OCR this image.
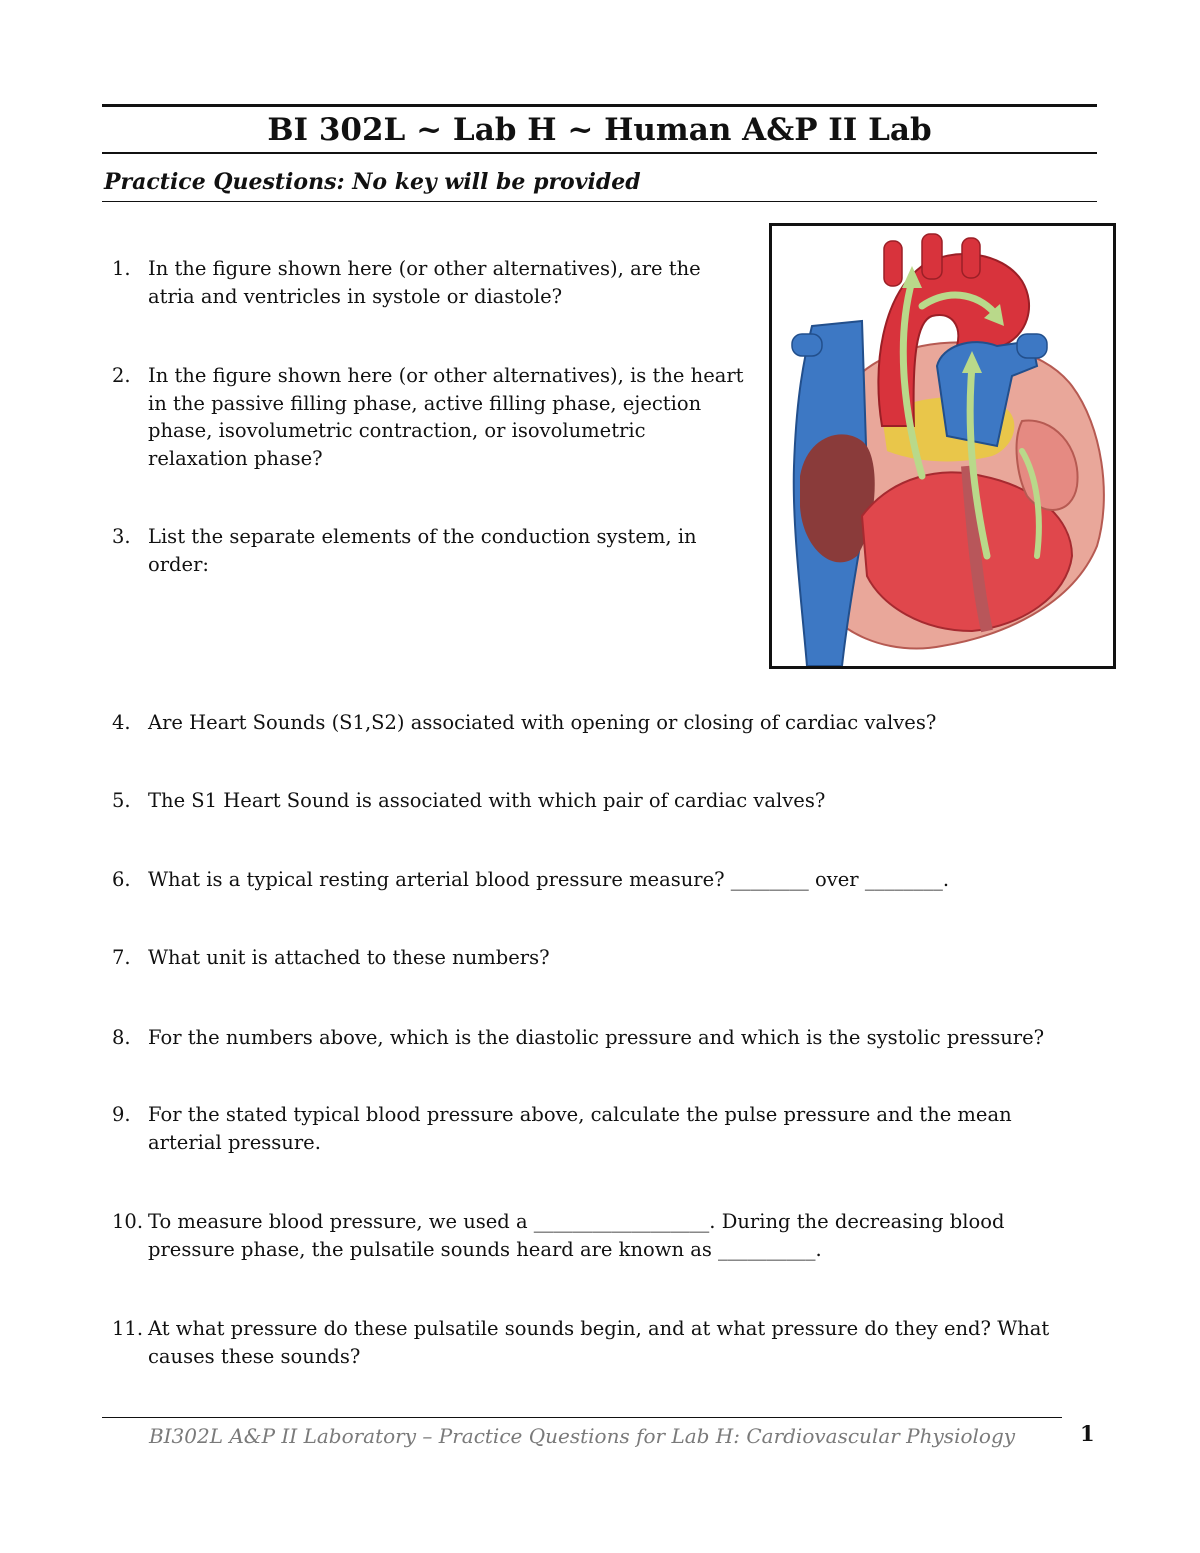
BI 302L ~ Lab H ~ Human A&P II Lab
Practice Questions: No key will be provided
1. In the figure shown here (or other alternatives), are the
atria and ventricles in systole or diastole?
2. In the figure shown here (or other alternatives), is the heart
in the passive filling phase, active filling phase, ejection
phase, isovolumetric contraction, or isovolumetric
relaxation phase?
3. List the separate elements of the conduction system, in
order:
4. Are Heart Sounds (S1,S2) associated with opening or closing of cardiac valves?
5. The S1 Heart Sound is associated with which pair of cardiac valves?
6. What is a typical resting arterial blood pressure measure? ________ over ________.
7. What unit is attached to these numbers?
8. For the numbers above, which is the diastolic pressure and which is the systolic pressure?
9. For the stated typical blood pressure above, calculate the pulse pressure and the mean
arterial pressure.
10. To measure blood pressure, we used a __________________. During the decreasing blood
pressure phase, the pulsatile sounds heard are known as __________.
11. At what pressure do these pulsatile sounds begin, and at what pressure do they end? What
causes these sounds?
BI302L A&P II Laboratory – Practice Questions for Lab H: Cardiovascular Physiology	1
